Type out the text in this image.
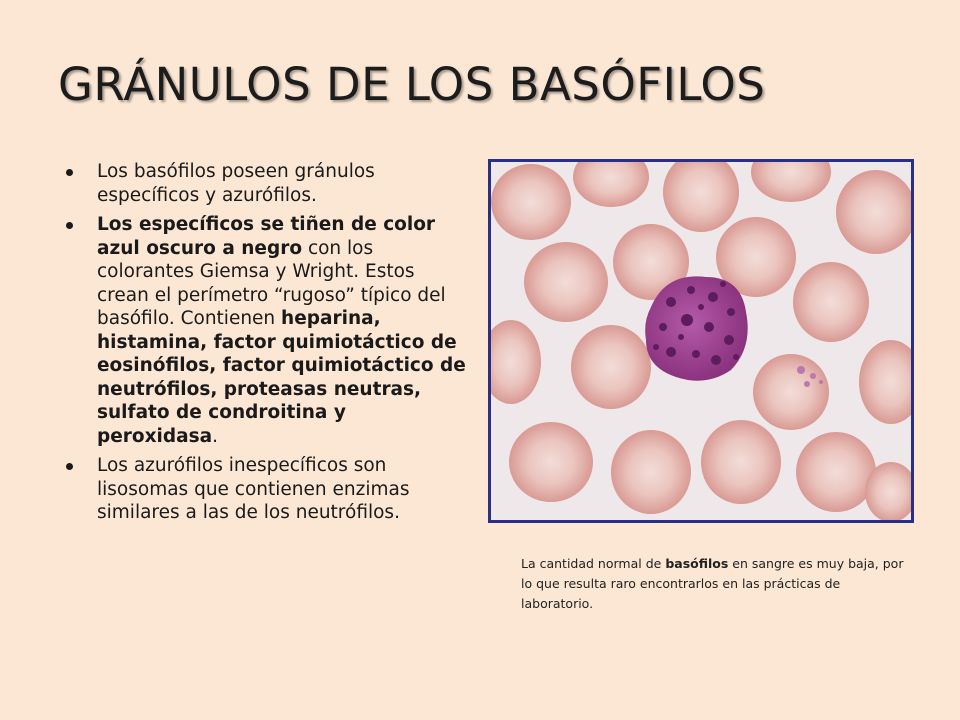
GRÁNULOS DE LOS BASÓFILOS
Los basófilos poseen gránulos específicos y azurófilos.
Los específicos se tiñen de color azul oscuro a negro con los colorantes Giemsa y Wright. Estos crean el perímetro “rugoso” típico del basófilo. Contienen heparina, histamina, factor quimiotáctico de eosinófilos, factor quimiotáctico de neutrófilos, proteasas neutras, sulfato de condroitina y peroxidasa.
Los azurófilos inespecíficos son lisosomas que contienen enzimas similares a las de los neutrófilos.
La cantidad normal de basófilos en sangre es muy baja, por lo que resulta raro encontrarlos en las prácticas de laboratorio.
